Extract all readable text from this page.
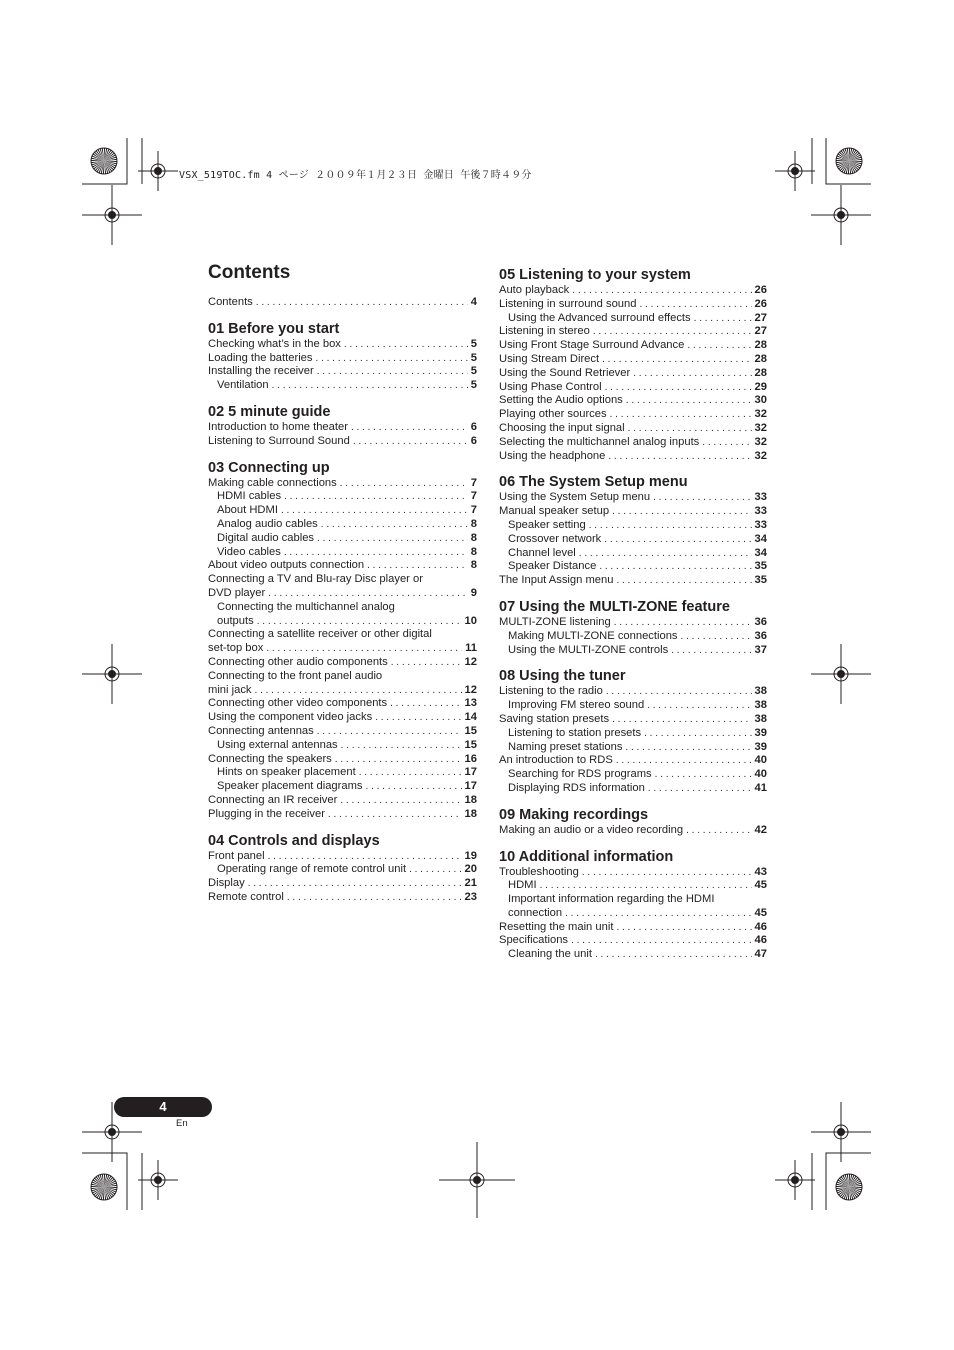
VSX_519TOC.fm 4 ページ ２００９年１月２３日 金曜日 午後７時４９分
Contents
Contents . . .	4
01 Before you start
Checking what’s in the box . . .	5
Loading the batteries . . .	5
Installing the receiver . . .	5
Ventilation . . .	5
02 5 minute guide
Introduction to home theater . . .	6
Listening to Surround Sound . . .	6
03 Connecting up
Making cable connections . . .	7
HDMI cables . . .	7
About HDMI . . .	7
Analog audio cables . . .	8
Digital audio cables . . .	8
Video cables . . .	8
About video outputs connection . . .	8
Connecting a TV and Blu-ray Disc player or
DVD player . . .	9
Connecting the multichannel analog
outputs . . .	10
Connecting a satellite receiver or other digital
set-top box . . .	11
Connecting other audio components . . .	12
Connecting to the front panel audio
mini jack . . .	12
Connecting other video components . . .	13
Using the component video jacks . . .	14
Connecting antennas . . .	15
Using external antennas . . .	15
Connecting the speakers . . .	16
Hints on speaker placement . . .	17
Speaker placement diagrams . . .	17
Connecting an IR receiver . . .	18
Plugging in the receiver . . .	18
04 Controls and displays
Front panel . . .	19
Operating range of remote control unit . . .	20
Display . . .	21
Remote control . . .	23
05 Listening to your system
Auto playback . . .	26
Listening in surround sound . . .	26
Using the Advanced surround effects . . .	27
Listening in stereo . . .	27
Using Front Stage Surround Advance . . .	28
Using Stream Direct . . .	28
Using the Sound Retriever . . .	28
Using Phase Control . . .	29
Setting the Audio options . . .	30
Playing other sources . . .	32
Choosing the input signal . . .	32
Selecting the multichannel analog inputs . . .	32
Using the headphone . . .	32
06 The System Setup menu
Using the System Setup menu . . .	33
Manual speaker setup . . .	33
Speaker setting . . .	33
Crossover network . . .	34
Channel level . . .	34
Speaker Distance . . .	35
The Input Assign menu . . .	35
07 Using the MULTI-ZONE feature
MULTI-ZONE listening . . .	36
Making MULTI-ZONE connections . . .	36
Using the MULTI-ZONE controls . . .	37
08 Using the tuner
Listening to the radio . . .	38
Improving FM stereo sound . . .	38
Saving station presets . . .	38
Listening to station presets . . .	39
Naming preset stations . . .	39
An introduction to RDS . . .	40
Searching for RDS programs . . .	40
Displaying RDS information . . .	41
09 Making recordings
Making an audio or a video recording . . .	42
10 Additional information
Troubleshooting . . .	43
HDMI . . .	45
Important information regarding the HDMI
connection . . .	45
Resetting the main unit . . .	46
Specifications . . .	46
Cleaning the unit . . .	47
4
En
